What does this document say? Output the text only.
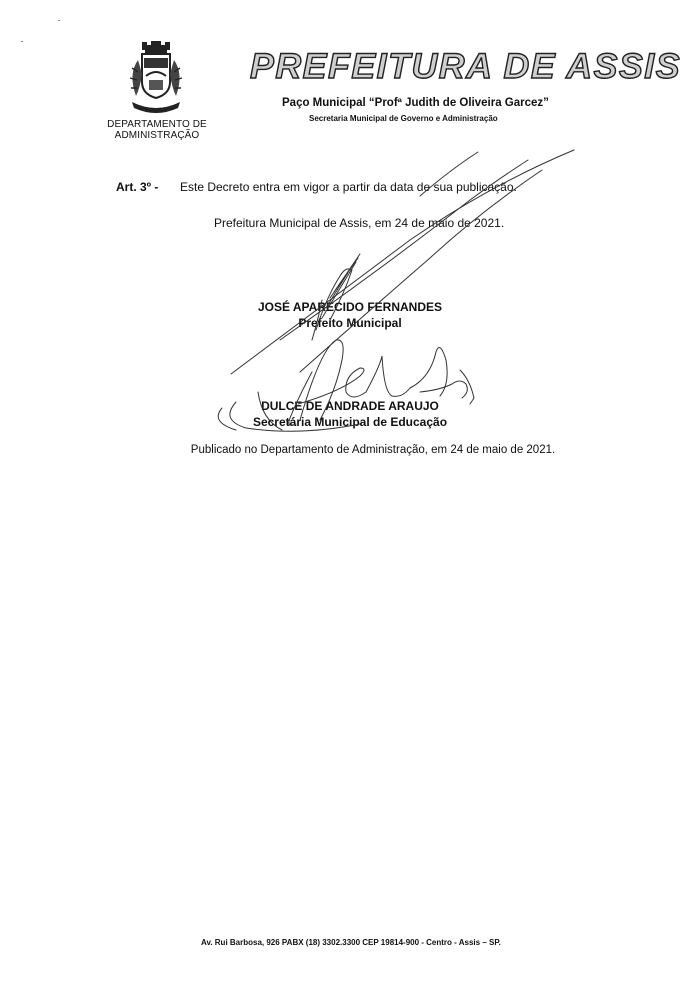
DEPARTAMENTO DE
ADMINISTRAÇÃO
PREFEITURA DE ASSIS
Paço Municipal “Profª Judith de Oliveira Garcez”
Secretaria Municipal de Governo e Administração
Art. 3º - Este Decreto entra em vigor a partir da data de sua publicação.
Prefeitura Municipal de Assis, em 24 de maio de 2021.
JOSÉ APARECIDO FERNANDES
Prefeito Municipal
DULCE DE ANDRADE ARAUJO
Secretária Municipal de Educação
Publicado no Departamento de Administração, em 24 de maio de 2021.
Av. Rui Barbosa, 926 PABX (18) 3302.3300 CEP 19814-900 - Centro - Assis – SP.
